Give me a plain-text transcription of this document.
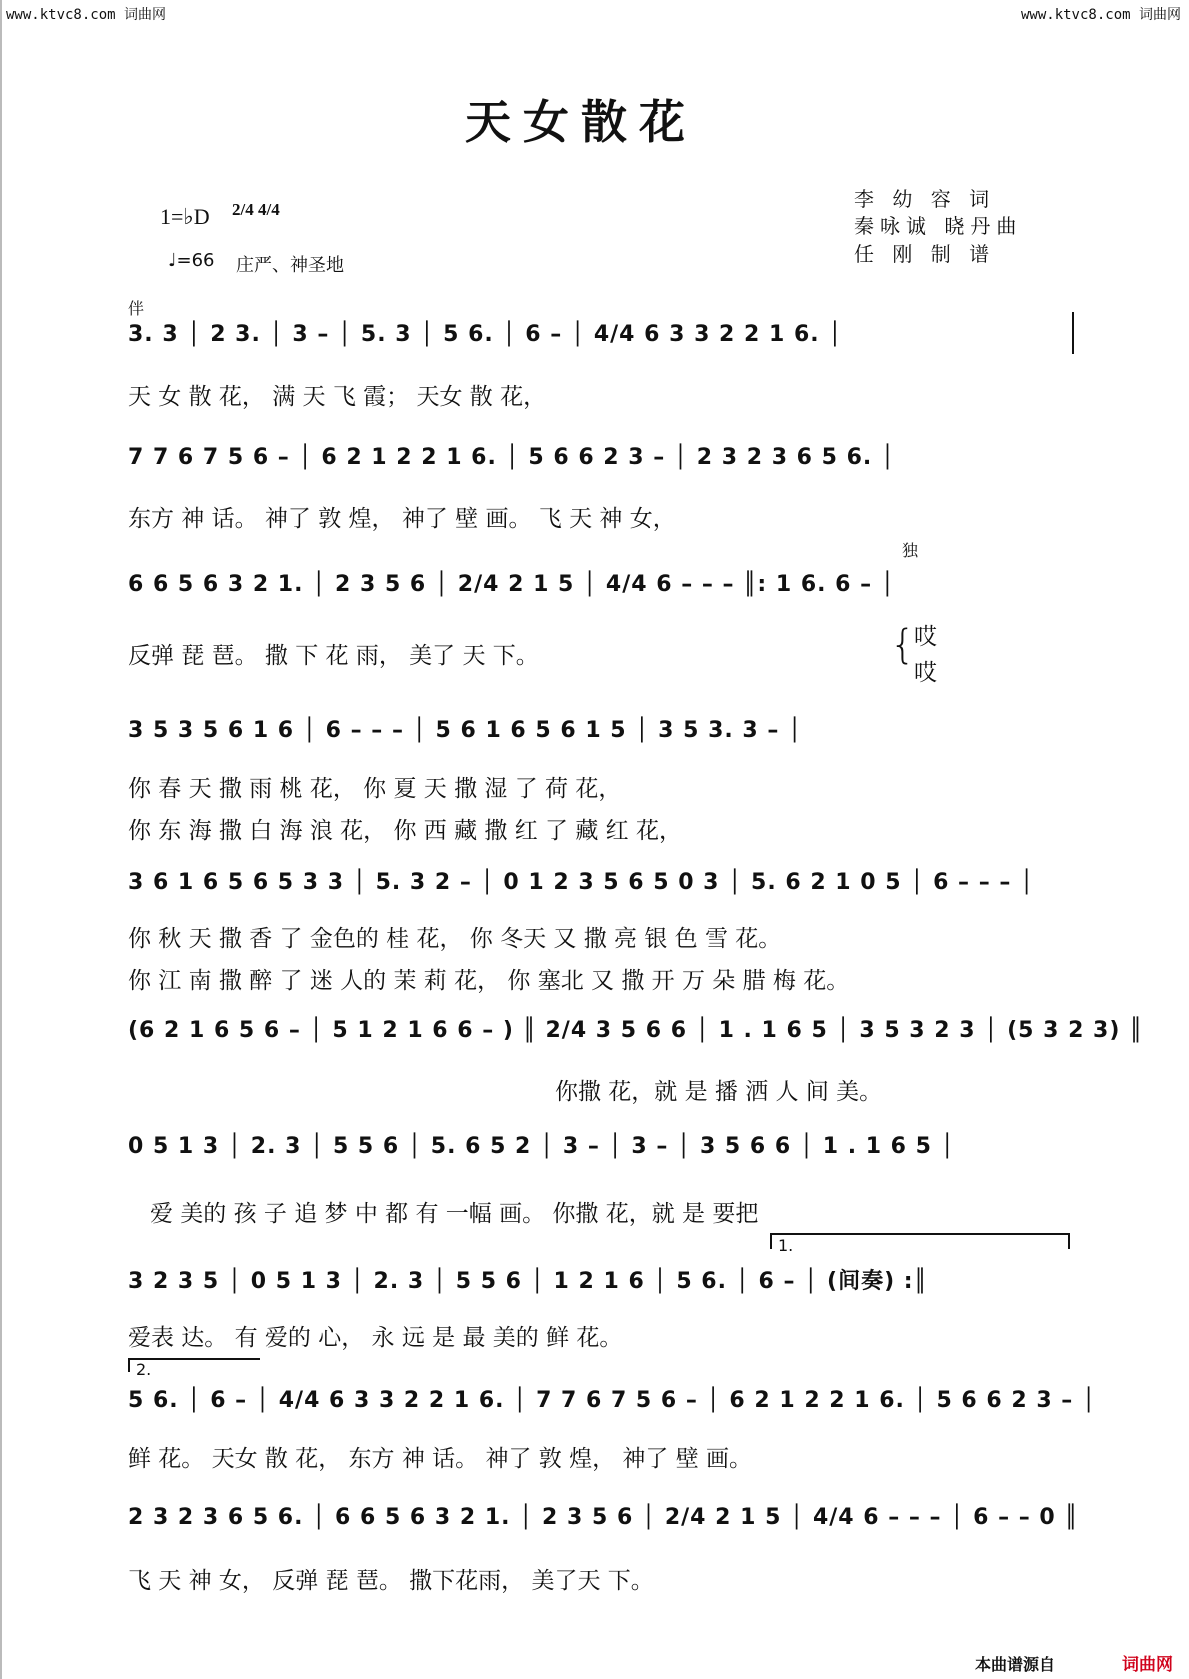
www.ktvc8.com 词曲网	www.ktvc8.com 词曲网
天女散花
1=♭D 2/4 4/4
♩=66 庄严、神圣地
李 幼 容 词
秦咏诚 晓丹曲
任 刚 制 谱
伴
独
3. 3 │ 2 3. │ 3 – │ 5. 3 │ 5 6. │ 6 – │ 4/4 6 3 3 2 2 1 6. │
天 女 散 花， 满 天 飞 霞； 天女 散 花，
7 7 6 7 5 6 – │ 6 2 1 2 2 1 6. │ 5 6 6 2 3 – │ 2 3 2 3 6 5 6. │
东方 神 话。 神了 敦 煌， 神了 壁 画。 飞 天 神 女，
6 6 5 6 3 2 1. │ 2 3 5 6 │ 2/4 2 1 5 │ 4/4 6 – – – ║: 1 6. 6 – │
反弹 琵 琶。 撒 下 花 雨， 美了 天 下。	{
哎
哎
3 5 3 5 6 1 6 │ 6 – – – │ 5 6 1 6 5 6 1 5 │ 3 5 3. 3 – │
你 春 天 撒 雨 桃 花， 你 夏 天 撒 湿 了 荷 花，
你 东 海 撒 白 海 浪 花， 你 西 藏 撒 红 了 藏 红 花，
3 6 1 6 5 6 5 3 3 │ 5. 3 2 – │ 0 1 2 3 5 6 5 0 3 │ 5. 6 2 1 0 5 │ 6 – – – │
你 秋 天 撒 香 了 金色的 桂 花， 你 冬天 又 撒 亮 银 色 雪 花。
你 江 南 撒 醉 了 迷 人的 茉 莉 花， 你 塞北 又 撒 开 万 朵 腊 梅 花。
(6 2 1 6 5 6 – │ 5 1 2 1 6 6 – ) ║ 2/4 3 5 6 6 │ 1 . 1 6 5 │ 3 5 3 2 3 │ (5 3 2 3) ║
你撒 花，就 是 播 洒 人 间 美。
0 5 1 3 │ 2. 3 │ 5 5 6 │ 5. 6 5 2 │ 3 – │ 3 – │ 3 5 6 6 │ 1 . 1 6 5 │
爱 美的 孩 子 追 梦 中 都 有 一幅 画。 你撒 花，就 是 要把
1.
3 2 3 5 │ 0 5 1 3 │ 2. 3 │ 5 5 6 │ 1 2 1 6 │ 5 6. │ 6 – │ (间奏) :║
爱表 达。 有 爱的 心， 永 远 是 最 美的 鲜 花。
2.
5 6. │ 6 – │ 4/4 6 3 3 2 2 1 6. │ 7 7 6 7 5 6 – │ 6 2 1 2 2 1 6. │ 5 6 6 2 3 – │
鲜 花。 天女 散 花， 东方 神 话。 神了 敦 煌， 神了 壁 画。
2 3 2 3 6 5 6. │ 6 6 5 6 3 2 1. │ 2 3 5 6 │ 2/4 2 1 5 │ 4/4 6 – – – │ 6 – – 0 ║
飞 天 神 女， 反弹 琵 琶。 撒下花雨， 美了天 下。
本曲谱源自	词曲网
